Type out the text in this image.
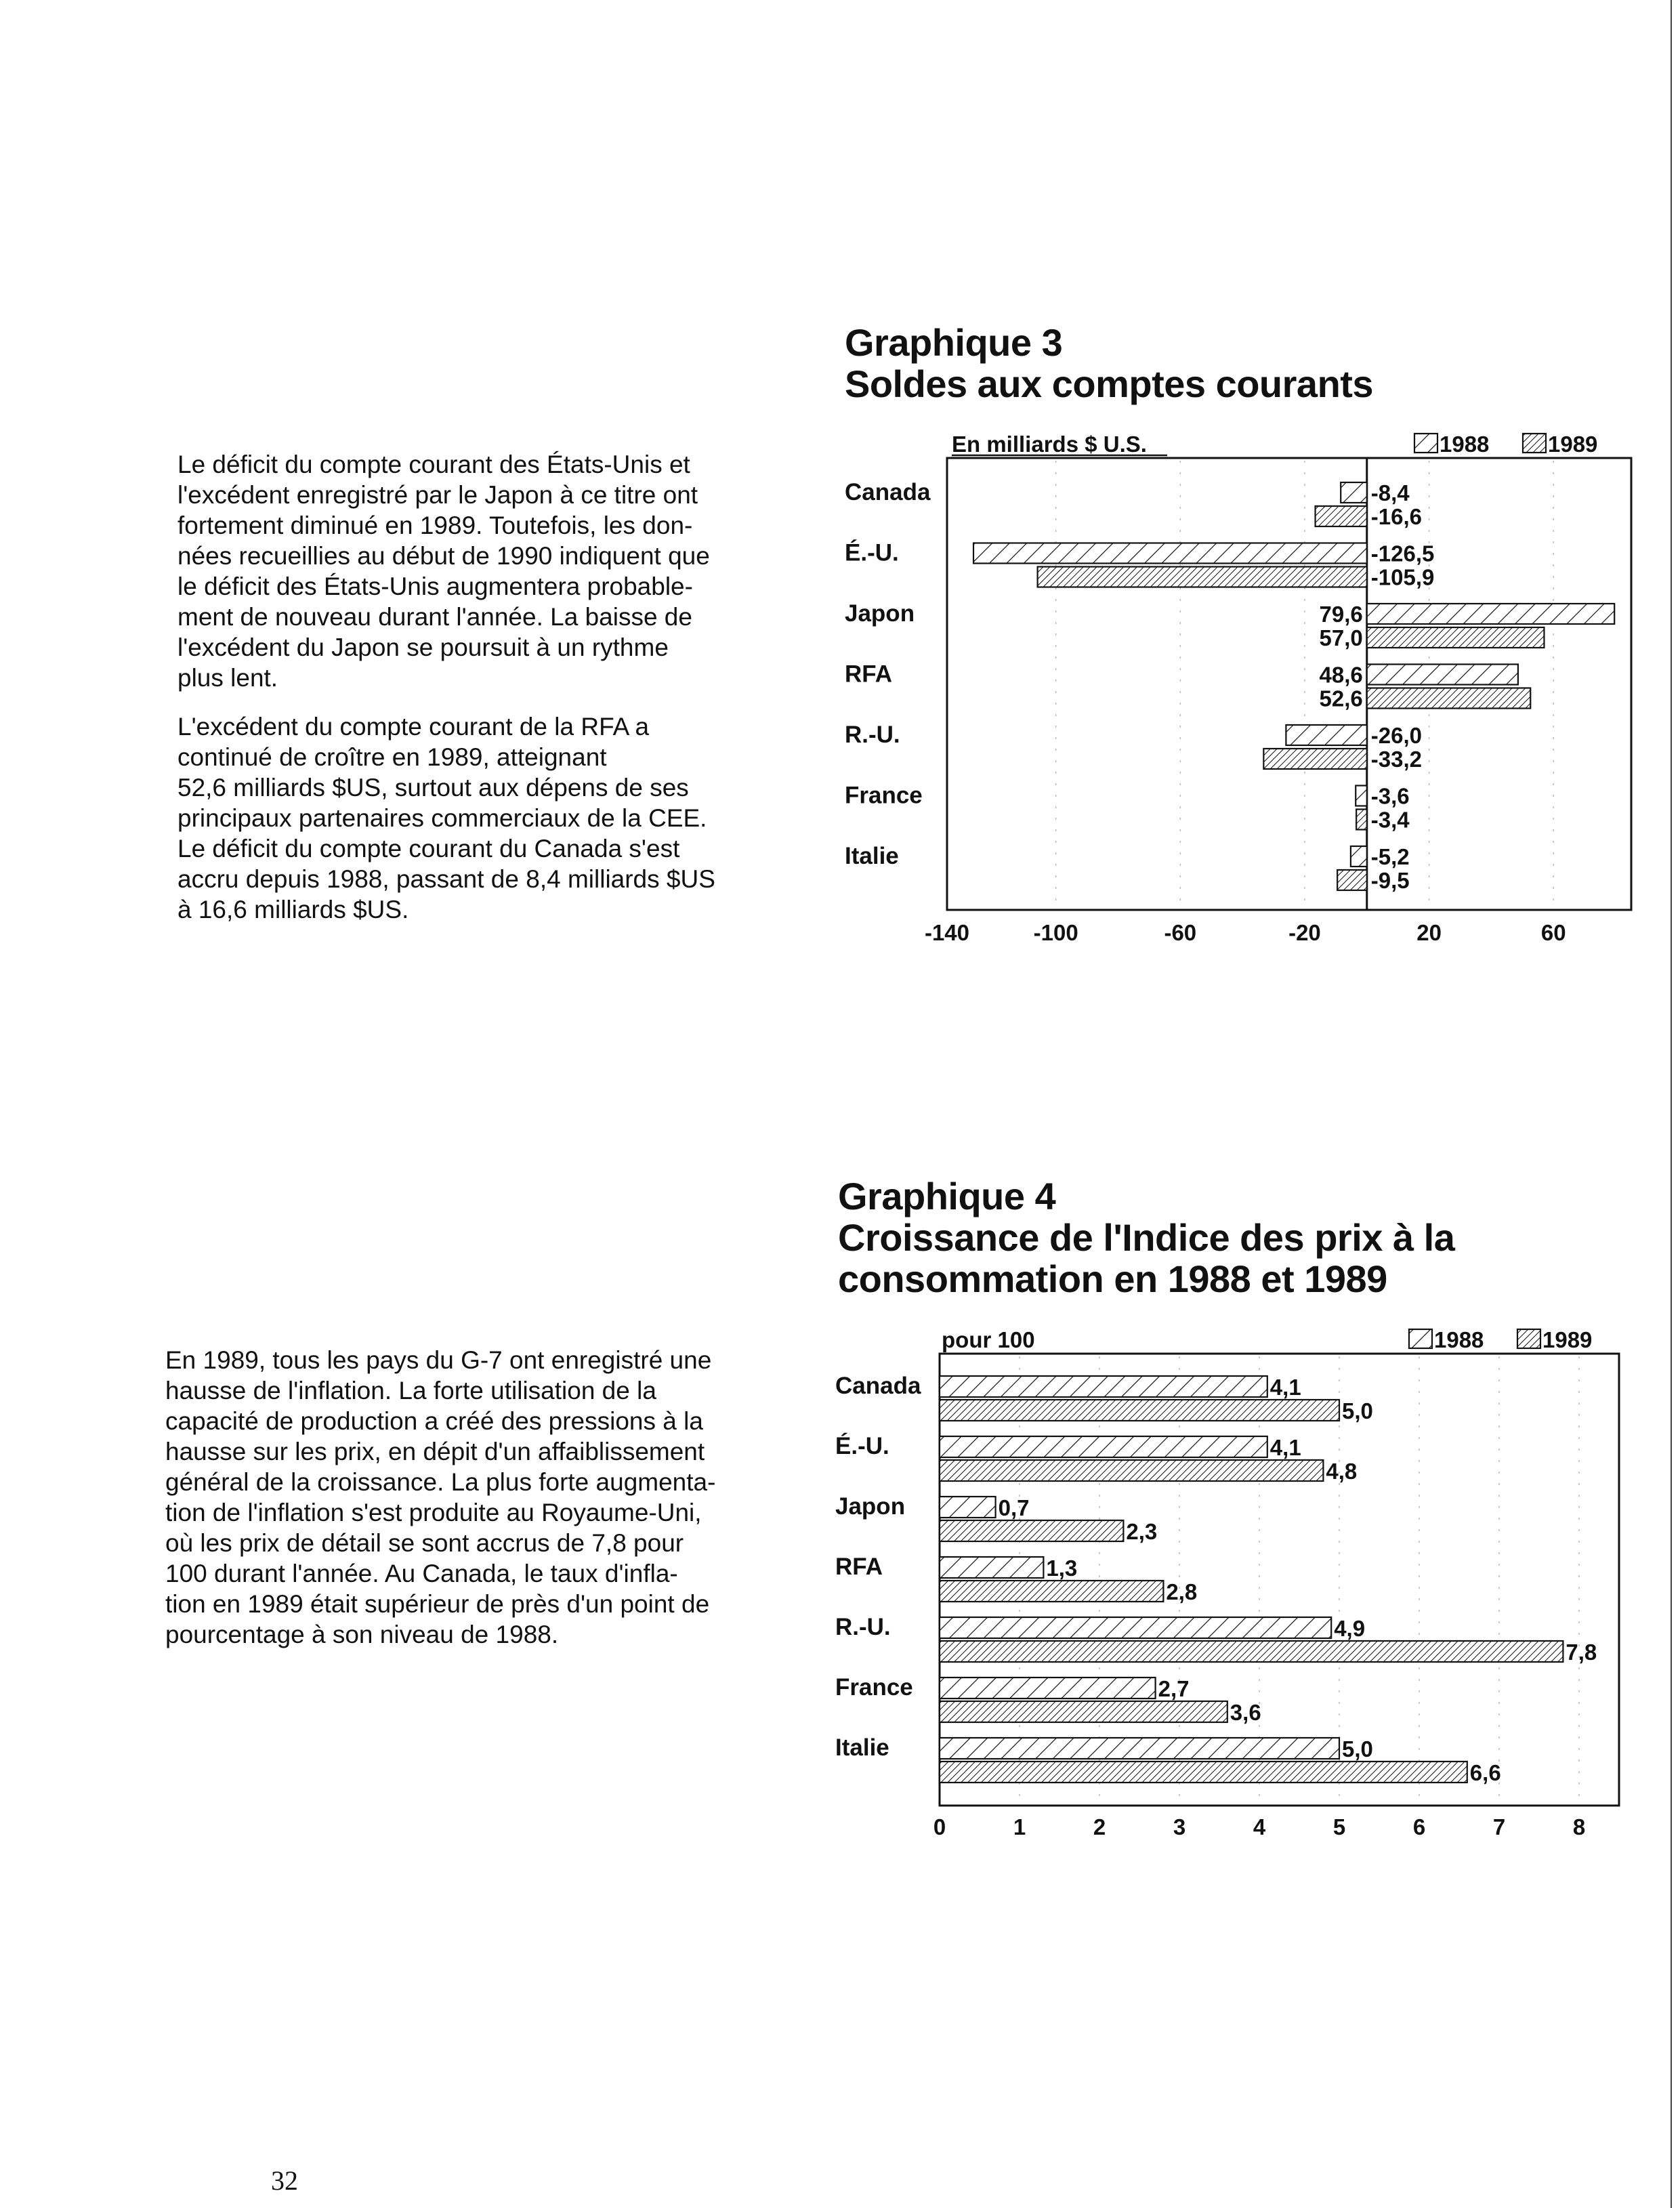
Le déficit du compte courant des États-Unis et
l'excédent enregistré par le Japon à ce titre ont
fortement diminué en 1989. Toutefois, les don-
nées recueillies au début de 1990 indiquent que
le déficit des États-Unis augmentera probable-
ment de nouveau durant l'année. La baisse de
l'excédent du Japon se poursuit à un rythme
plus lent.
L'excédent du compte courant de la RFA a
continué de croître en 1989, atteignant
52,6 milliards $US, surtout aux dépens de ses
principaux partenaires commerciaux de la CEE.
Le déficit du compte courant du Canada s'est
accru depuis 1988, passant de 8,4 milliards $US
à 16,6 milliards $US.
En 1989, tous les pays du G-7 ont enregistré une
hausse de l'inflation. La forte utilisation de la
capacité de production a créé des pressions à la
hausse sur les prix, en dépit d'un affaiblissement
général de la croissance. La plus forte augmenta-
tion de l'inflation s'est produite au Royaume-Uni,
où les prix de détail se sont accrus de 7,8 pour
100 durant l'année. Au Canada, le taux d'infla-
tion en 1989 était supérieur de près d'un point de
pourcentage à son niveau de 1988.
Graphique 3
Soldes aux comptes courants
Graphique 4
Croissance de l'Indice des prix à la
consommation en 1988 et 1989
-140	-100	-60	-20	20	60
En milliards $ U.S.	1988	1989
Canada	-8,4
-16,6
É.-U.	-126,5
-105,9
Japon	79,6
57,0
RFA	48,6
52,6
R.-U.	-26,0
-33,2
France	-3,6
-3,4
Italie	-5,2
-9,5
0	1	2	3	4	5	6	7	8
pour 100	1988	1989
Canada	4,1
5,0
É.-U.	4,1
4,8
Japon	0,7
2,3
RFA	1,3
2,8
R.-U.	4,9
7,8
France	2,7
3,6
Italie	5,0
6,6
32
